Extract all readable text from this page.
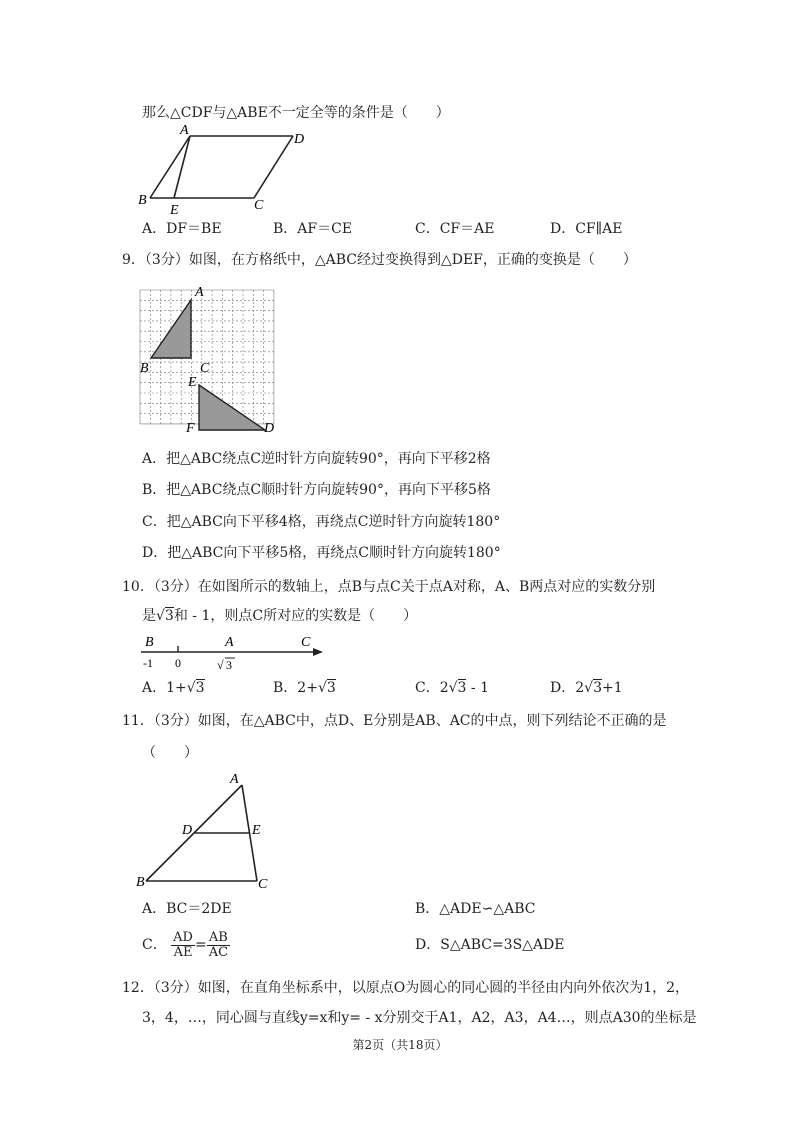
那么△CDF与△ABE不一定全等的条件是（　　）
A
D
B
E	C
A．DF＝BE	B．AF＝CE	C．CF＝AE	D．CF∥AE
9．（3分）如图，在方格纸中，△ABC经过变换得到△DEF，正确的变换是（　　）
A
B	C
E
F	D
A．把△ABC绕点C逆时针方向旋转90°，再向下平移2格
B．把△ABC绕点C顺时针方向旋转90°，再向下平移5格
C．把△ABC向下平移4格，再绕点C逆时针方向旋转180°
D．把△ABC向下平移5格，再绕点C顺时针方向旋转180°
10．（3分）在如图所示的数轴上，点B与点C关于点A对称，A、B两点对应的实数分别
是√3和 - 1，则点C所对应的实数是（　　）
B	A	C
-1 0	√ 3
A．1+√3	B．2+√3	C．2√3 - 1	D．2√3+1
11．（3分）如图，在△ABC中，点D、E分别是AB、AC的中点，则下列结论不正确的是
（　　）
A
D	E
B	C
A．BC＝2DE	B．△ADE∽△ABC
C． $\frac{AD}{AE} = \frac{AB}{AC}$	D．S△ABC=3S△ADE
12．（3分）如图，在直角坐标系中，以原点O为圆心的同心圆的半径由内向外依次为1，2，
3，4，…，同心圆与直线y=x和y= - x分别交于A1，A2，A3，A4…，则点A30的坐标是
第2页（共18页）
